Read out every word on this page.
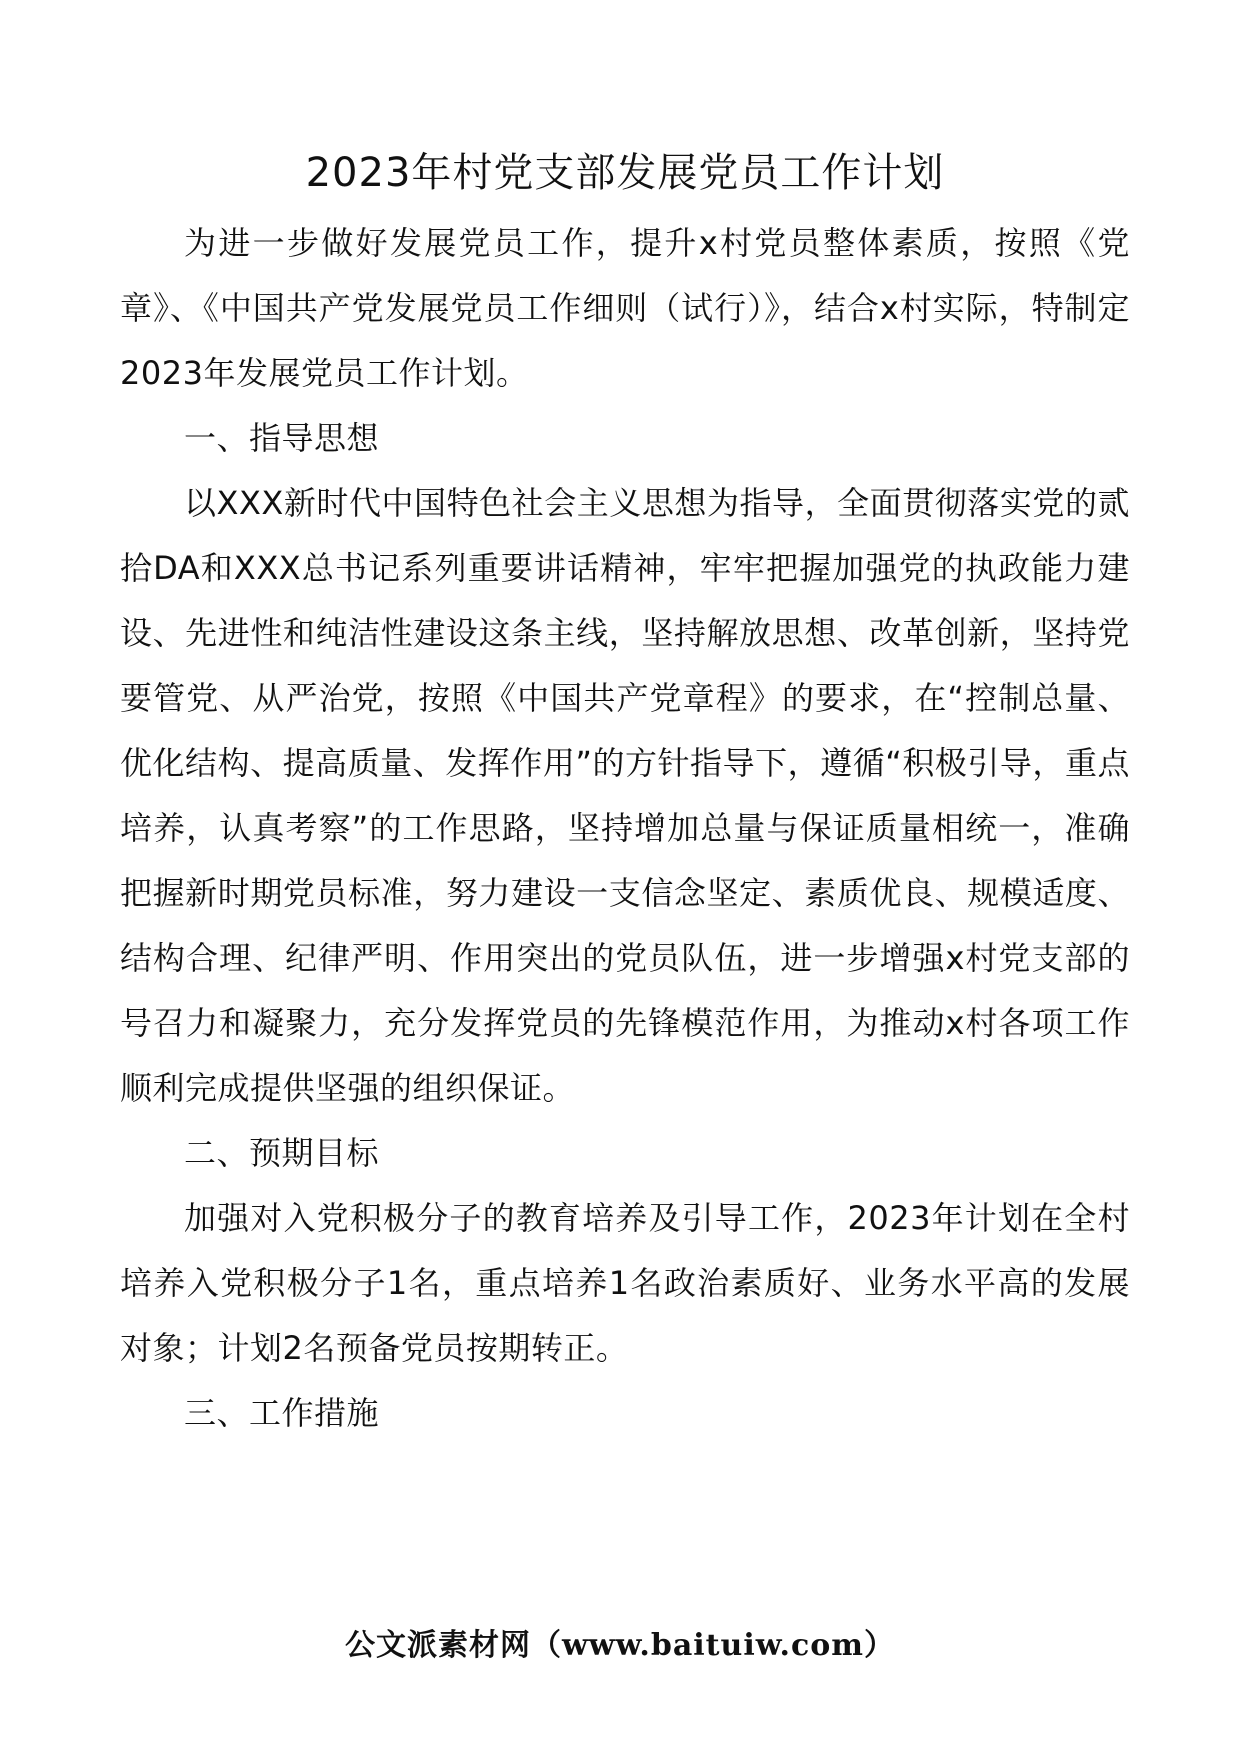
2023年村党支部发展党员工作计划

为进一步做好发展党员工作，提升x村党员整体素质，按照《党章》、《中国共产党发展党员工作细则（试行）》，结合x村实际，特制定2023年发展党员工作计划。

一、指导思想

以XXX新时代中国特色社会主义思想为指导，全面贯彻落实党的贰拾DA和XXX总书记系列重要讲话精神，牢牢把握加强党的执政能力建设、先进性和纯洁性建设这条主线，坚持解放思想、改革创新，坚持党要管党、从严治党，按照《中国共产党章程》的要求，在“控制总量、优化结构、提高质量、发挥作用”的方针指导下，遵循“积极引导，重点培养，认真考察”的工作思路，坚持增加总量与保证质量相统一，准确把握新时期党员标准，努力建设一支信念坚定、素质优良、规模适度、结构合理、纪律严明、作用突出的党员队伍，进一步增强x村党支部的号召力和凝聚力，充分发挥党员的先锋模范作用，为推动x村各项工作顺利完成提供坚强的组织保证。

二、预期目标

加强对入党积极分子的教育培养及引导工作，2023年计划在全村培养入党积极分子1名，重点培养1名政治素质好、业务水平高的发展对象；计划2名预备党员按期转正。

三、工作措施

公文派素材网（www.baituiw.com）
